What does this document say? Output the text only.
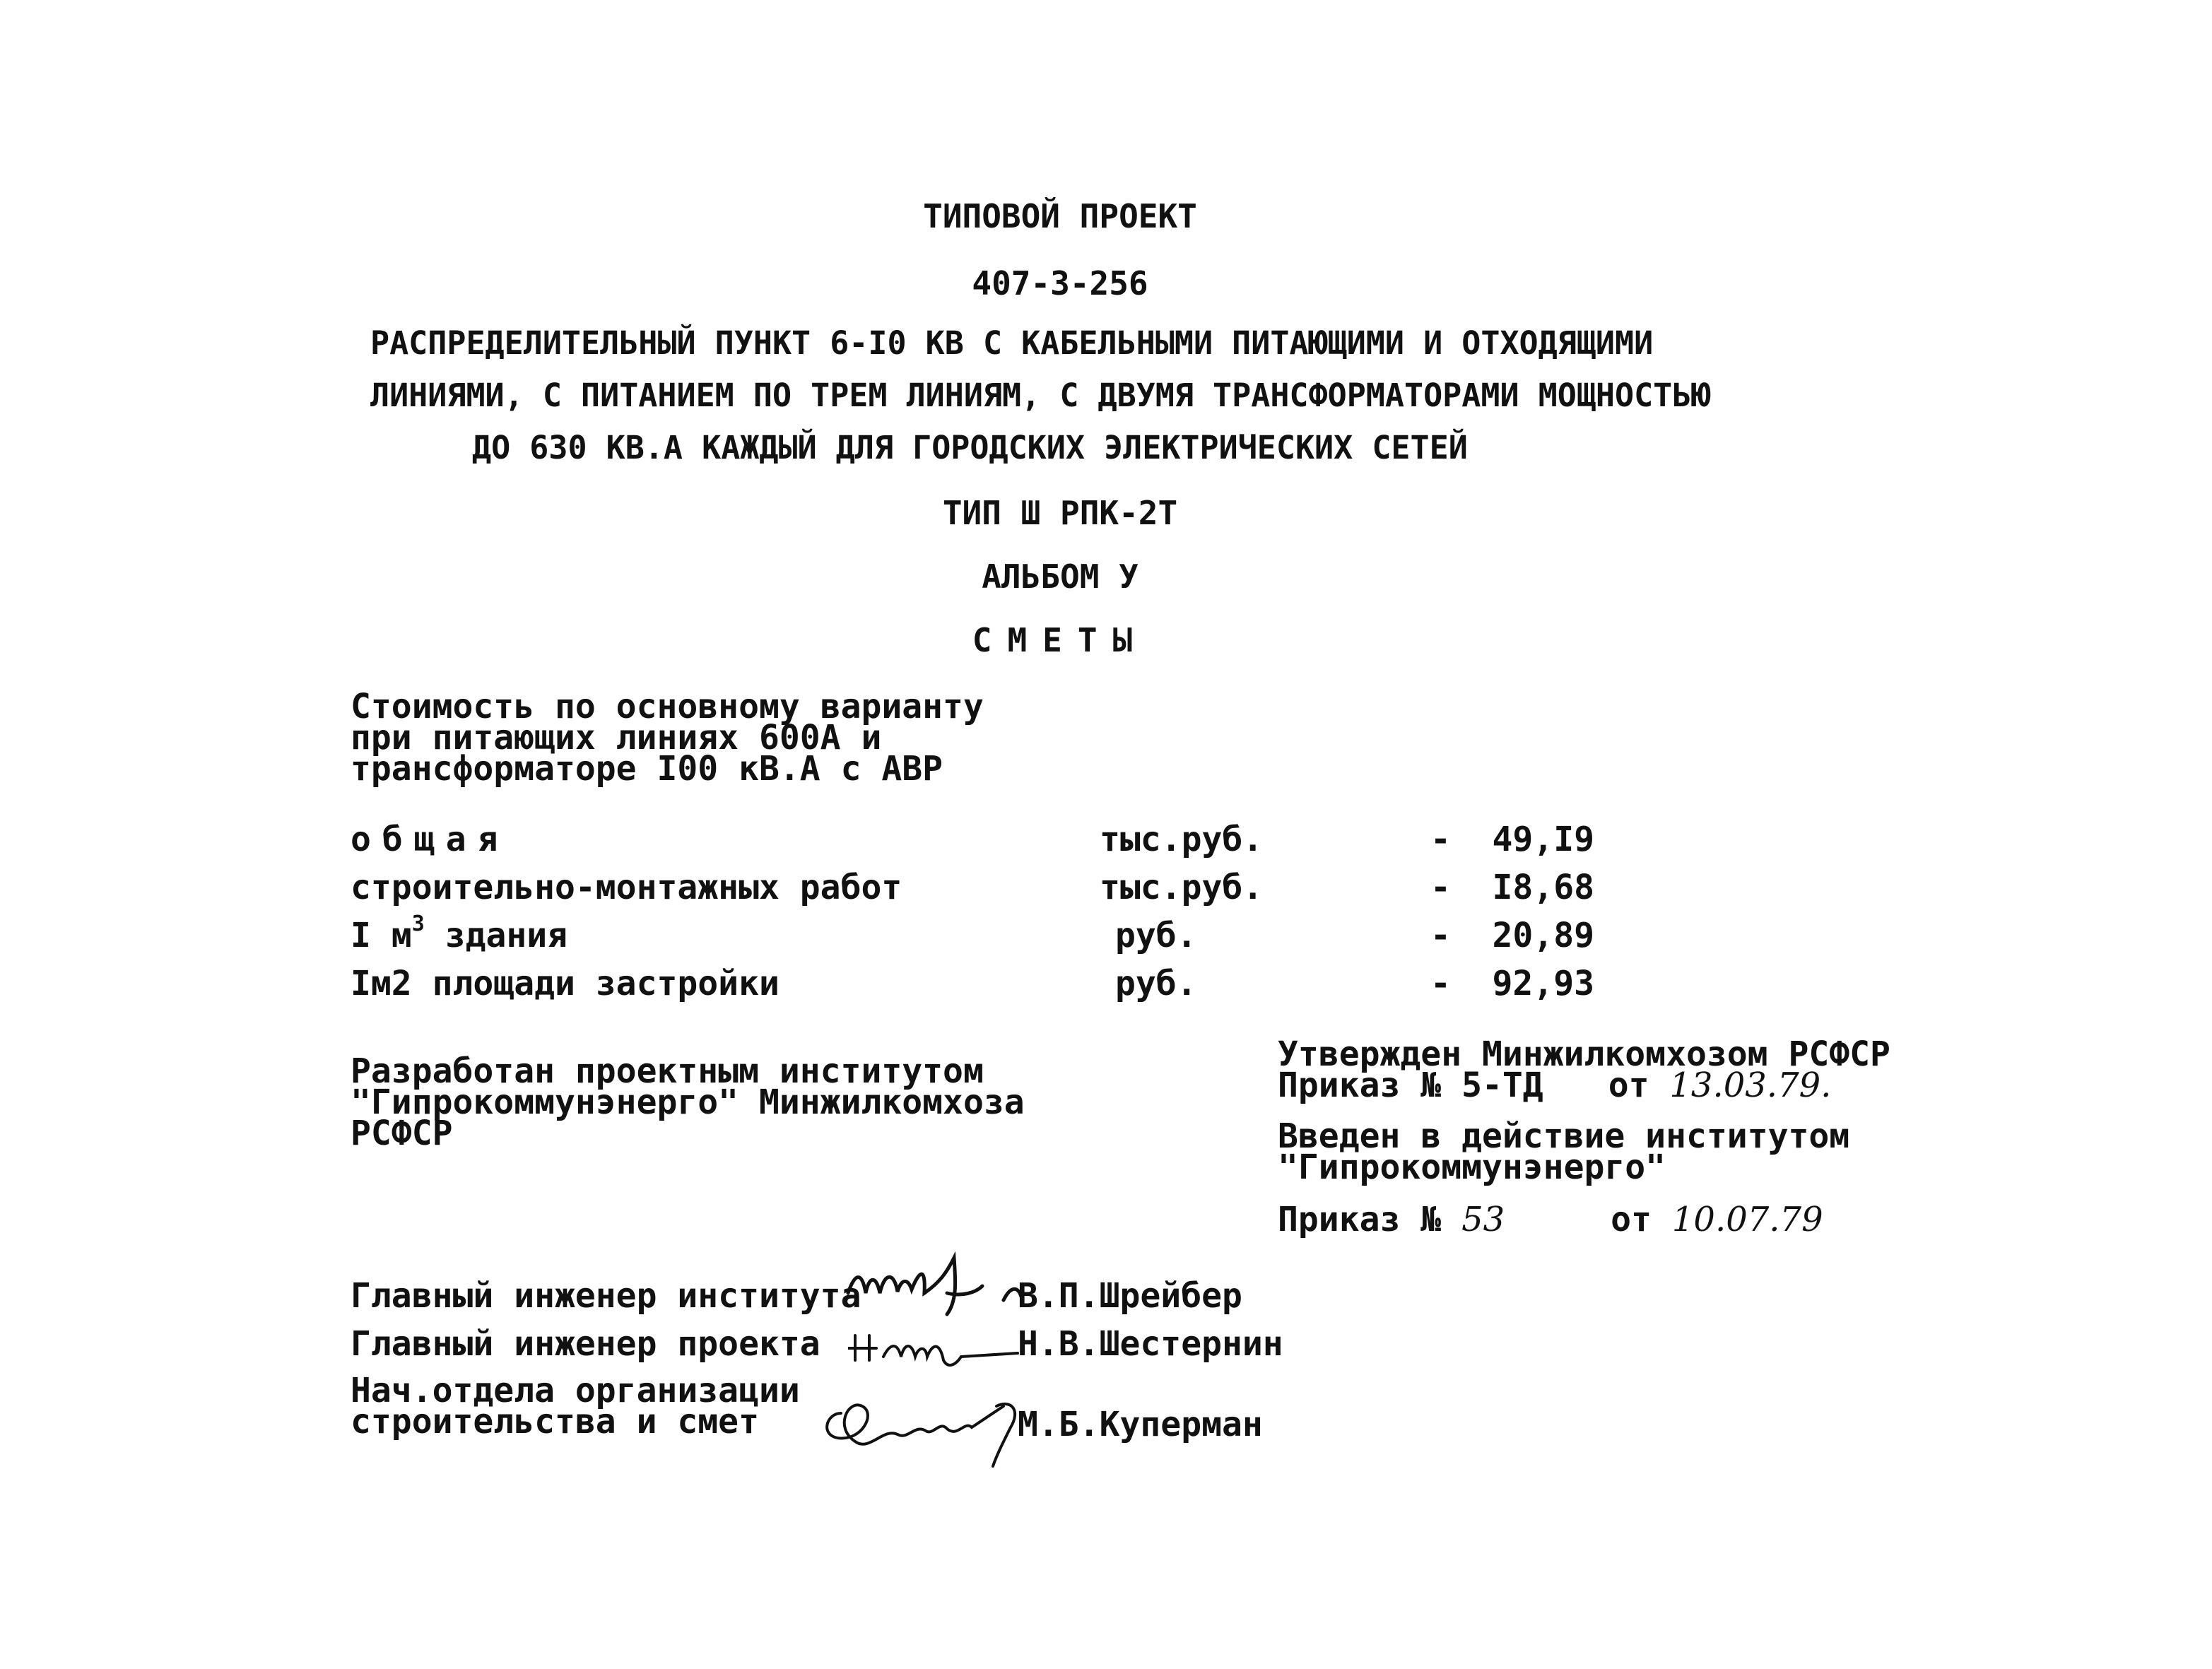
ТИПОВОЙ ПРОЕКТ
407-3-256
РАСПРЕДЕЛИТЕЛЬНЫЙ ПУНКТ 6-I0 КВ С КАБЕЛЬНЫМИ ПИТАЮЩИМИ И ОТХОДЯЩИМИ
ЛИНИЯМИ, С ПИТАНИЕМ ПО ТРЕМ ЛИНИЯМ, С ДВУМЯ ТРАНСФОРМАТОРАМИ МОЩНОСТЬЮ
ДО 630 КВ.А КАЖДЫЙ ДЛЯ ГОРОДСКИХ ЭЛЕКТРИЧЕСКИХ СЕТЕЙ
ТИП Ш РПК-2Т
АЛЬБОМ У
СМЕТЫ
Стоимость по основному варианту
при питающих линиях 600А и
трансформаторе I00 кВ.А с АВР
общая	тыс.руб.	-	49,I9
строительно-монтажных работ	тыс.руб.	-	I8,68
I $м^3$ здания	руб.	-	20,89
Iм2 площади застройки	руб.	-	92,93
Разработан проектным институтом
"Гипрокоммунэнерго" Минжилкомхоза
РСФСР
Утвержден Минжилкомхозом РСФСР
Приказ № 5-ТД от 13.03.79.
Введен в действие институтом
"Гипрокоммунэнерго"
Приказ № 53	от 10.07.79
Главный инженер института	В.П.Шрейбер
Главный инженер проекта	Н.В.Шестернин
Нач.отдела организации
строительства и смет	М.Б.Куперман
